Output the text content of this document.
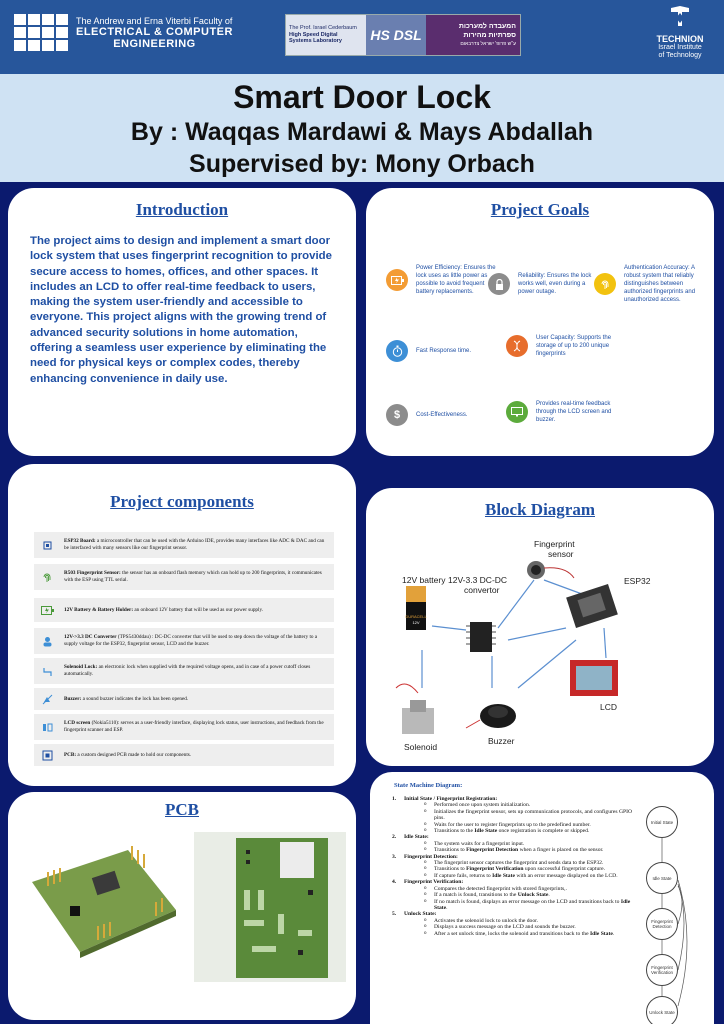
The Andrew and Erna Viterbi Faculty of
ELECTRICAL & COMPUTER
ENGINEERING
The Prof. Israel Cederbaum
High Speed Digital
Systems Laboratory	HS DSL
המעבדה למערכות
ספרתיות מהירות
ע"ש פרופ' ישראל צדרבאום	TECHNION
Israel Institute
of Technology
Smart Door Lock
By : Waqqas Mardawi & Mays Abdallah
Supervised by: Mony Orbach
Introduction
The project aims to design and implement a smart door lock system that uses fingerprint recognition to provide secure access to homes, offices, and other spaces. It includes an LCD to offer real-time feedback to users, making the system user-friendly and accessible to everyone. This project aligns with the growing trend of advanced security solutions in home automation, offering a seamless user experience by eliminating the need for physical keys or complex codes, thereby enhancing convenience in daily use.
Project Goals
Power Efficiency: Ensures the lock uses as little power as possible to avoid frequent battery replacements.
Reliability: Ensures the lock works well, even during a power outage.
Authentication Accuracy: A robust system that reliably distinguishes between authorized fingerprints and unauthorized access.
Fast Response time.
User Capacity: Supports the storage of up to 200 unique fingerprints
$	Cost-Effectiveness.
Provides real-time feedback through the LCD screen and buzzer.
Project components
ESP32 Board: a microcontroller that can be used with the Arduino IDE, provides many interfaces like ADC & DAC and can be interfaced with many sensors like our fingerprint sensor.
R503 Fingerprint Sensor: the sensor has an onboard flash memory which can hold up to 200 fingerprints, it communicates with the ESP using TTL serial.
12V Battery & Battery Holder: an onboard 12V battery that will be used as our power supply.
12V->3.3 DC Converter (TPS5430ddau) : DC-DC converter that will be used to step down the voltage of the battery to a supply voltage for the ESP32, fingerprint sensor, LCD and the buzzer.
Solenoid Lock: an electronic lock when supplied with the required voltage opens, and in case of a power cutoff closes automatically.
Buzzer: a sound buzzer indicates the lock has been opened.
LCD screen (Nokia5110): serves as a user-friendly interface, displaying lock status, user instructions, and feedback from the fingerprint scanner and ESP.
PCB: a custom designed PCB made to hold our components.
Block Diagram
DURACELL
12V
12V battery 12V-3.3 DC-DC
convertor
Fingerprint
sensor
ESP32
Solenoid
Buzzer
LCD
PCB
State Machine Diagram:
1. Initial State / Fingerprint Registration:
o Performed once upon system initialization.
o Initializes the fingerprint sensor, sets up communication protocols, and configures GPIO pins.
o Waits for the user to register fingerprints up to the predefined number.
o Transitions to the Idle State once registration is complete or skipped.
2. Idle State:
o The system waits for a fingerprint input.
o Transitions to Fingerprint Detection when a finger is placed on the sensor.
3. Fingerprint Detection:
o The fingerprint sensor captures the fingerprint and sends data to the ESP32.
o Transitions to Fingerprint Verification upon successful fingerprint capture.
o If capture fails, returns to Idle State with an error message displayed on the LCD.
4. Fingerprint Verification:
o Compares the detected fingerprint with stored fingerprints,.
o If a match is found, transitions to the Unlock State.
o If no match is found, displays an error message on the LCD and transitions back to Idle State.
5. Unlock State:
o Activates the solenoid lock to unlock the door.
o Displays a success message on the LCD and sounds the buzzer.
o After a set unlock time, locks the solenoid and transitions back to the Idle State.
Initial State
Idle State
Fingerprint Detection
Fingerprint Verification
Unlock State
